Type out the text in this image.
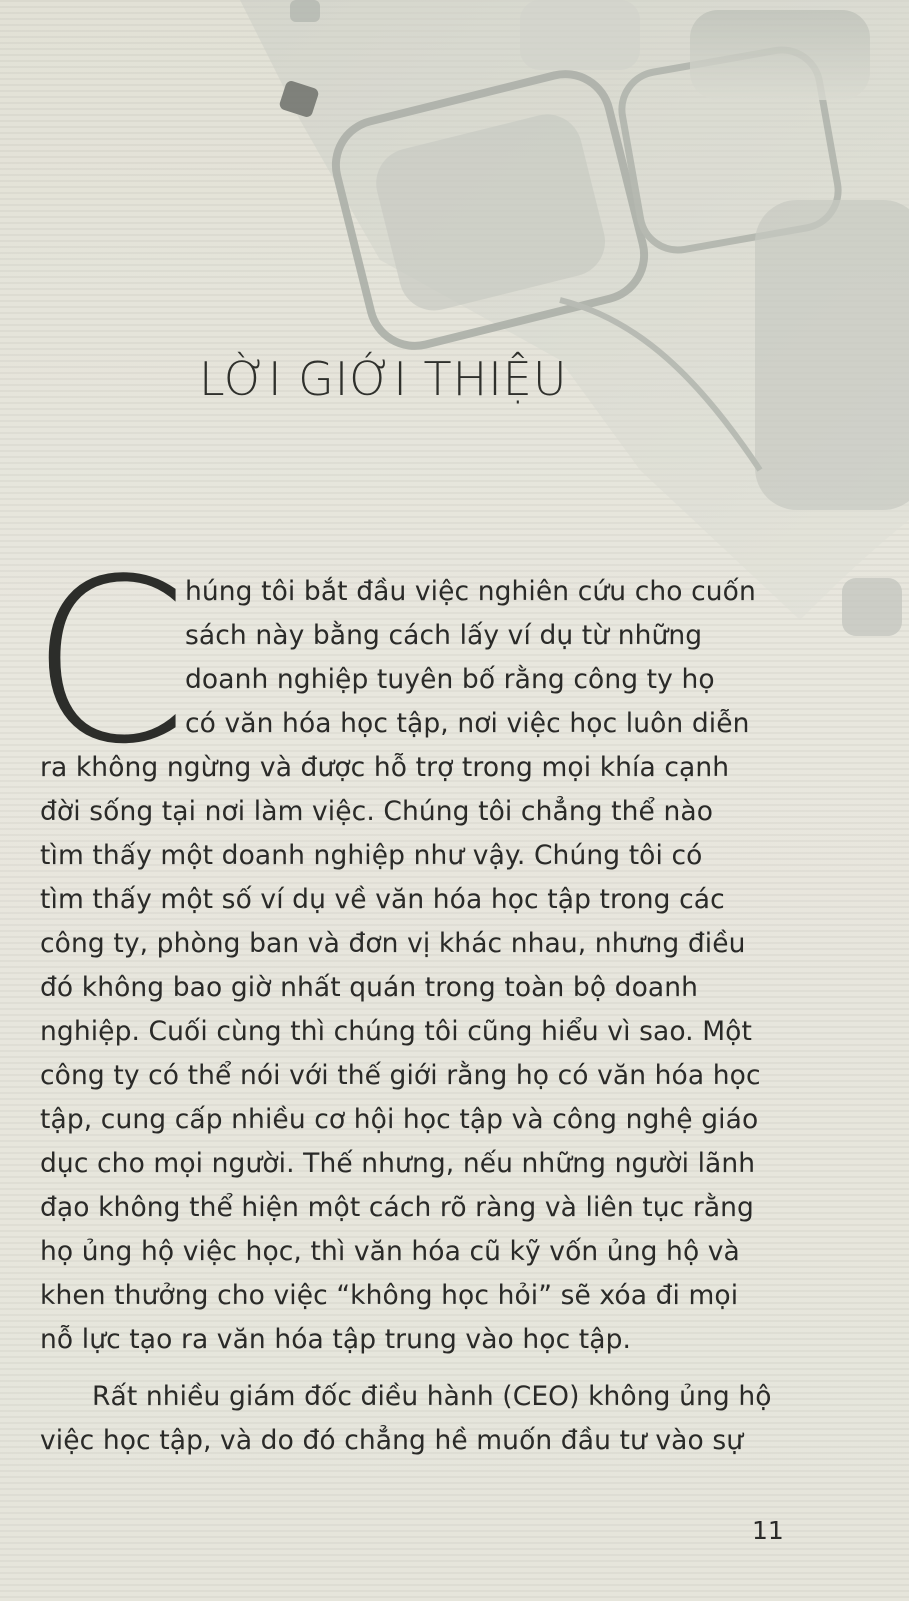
LỜI GIỚI THIỆU
C
húng tôi bắt đầu việc nghiên cứu cho cuốn
sách này bằng cách lấy ví dụ từ những
doanh nghiệp tuyên bố rằng công ty họ
có văn hóa học tập, nơi việc học luôn diễn
ra không ngừng và được hỗ trợ trong mọi khía cạnh
đời sống tại nơi làm việc. Chúng tôi chẳng thể nào
tìm thấy một doanh nghiệp như vậy. Chúng tôi có
tìm thấy một số ví dụ về văn hóa học tập trong các
công ty, phòng ban và đơn vị khác nhau, nhưng điều
đó không bao giờ nhất quán trong toàn bộ doanh
nghiệp. Cuối cùng thì chúng tôi cũng hiểu vì sao. Một
công ty có thể nói với thế giới rằng họ có văn hóa học
tập, cung cấp nhiều cơ hội học tập và công nghệ giáo
dục cho mọi người. Thế nhưng, nếu những người lãnh
đạo không thể hiện một cách rõ ràng và liên tục rằng
họ ủng hộ việc học, thì văn hóa cũ kỹ vốn ủng hộ và
khen thưởng cho việc “không học hỏi” sẽ xóa đi mọi
nỗ lực tạo ra văn hóa tập trung vào học tập.
Rất nhiều giám đốc điều hành (CEO) không ủng hộ
việc học tập, và do đó chẳng hề muốn đầu tư vào sự
11
